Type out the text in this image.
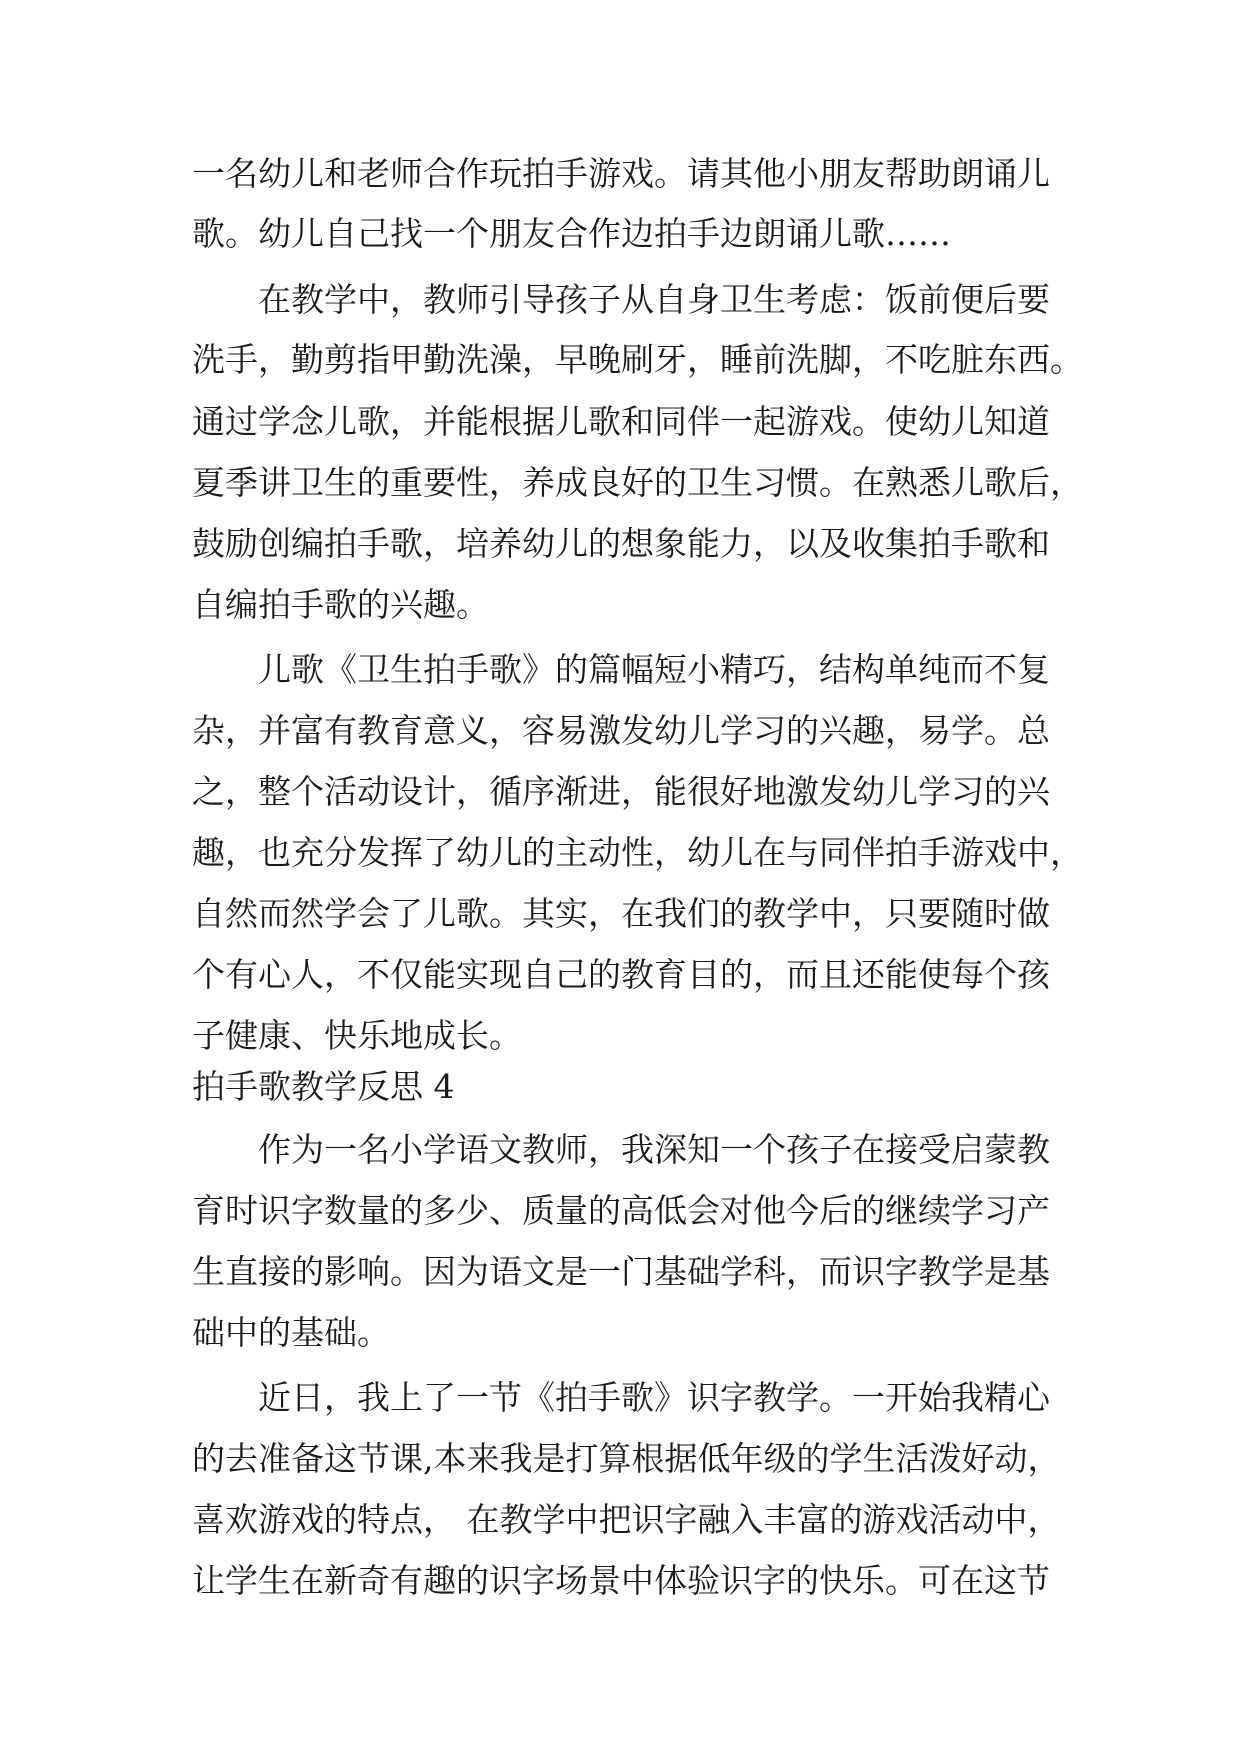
一名幼儿和老师合作玩拍手游戏。请其他小朋友帮助朗诵儿
歌。幼儿自己找一个朋友合作边拍手边朗诵儿歌……
在教学中，教师引导孩子从自身卫生考虑：饭前便后要
洗手，勤剪指甲勤洗澡，早晚刷牙，睡前洗脚，不吃脏东西。
通过学念儿歌，并能根据儿歌和同伴一起游戏。使幼儿知道
夏季讲卫生的重要性，养成良好的卫生习惯。在熟悉儿歌后，
鼓励创编拍手歌，培养幼儿的想象能力，以及收集拍手歌和
自编拍手歌的兴趣。
儿歌《卫生拍手歌》的篇幅短小精巧，结构单纯而不复
杂，并富有教育意义，容易激发幼儿学习的兴趣，易学。总
之，整个活动设计，循序渐进，能很好地激发幼儿学习的兴
趣，也充分发挥了幼儿的主动性，幼儿在与同伴拍手游戏中，
自然而然学会了儿歌。其实，在我们的教学中，只要随时做
个有心人，不仅能实现自己的教育目的，而且还能使每个孩
子健康、快乐地成长。
拍手歌教学反思 4
作为一名小学语文教师，我深知一个孩子在接受启蒙教
育时识字数量的多少、质量的高低会对他今后的继续学习产
生直接的影响。因为语文是一门基础学科，而识字教学是基
础中的基础。
近日，我上了一节《拍手歌》识字教学。一开始我精心
的去准备这节课,本来我是打算根据低年级的学生活泼好动，
喜欢游戏的特点， 在教学中把识字融入丰富的游戏活动中，
让学生在新奇有趣的识字场景中体验识字的快乐。可在这节
